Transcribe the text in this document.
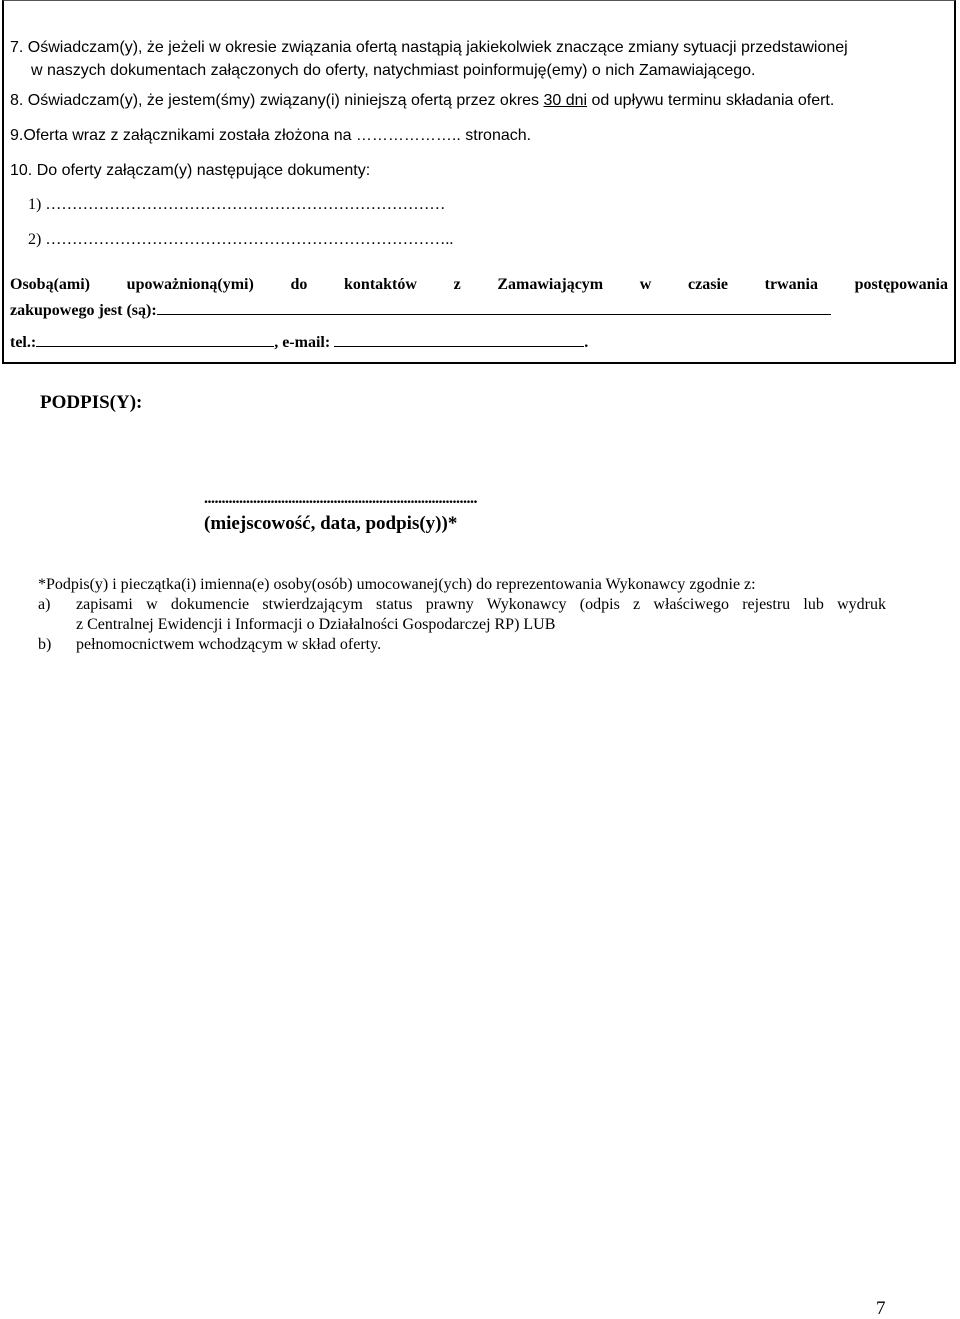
7. Oświadczam(y), że jeżeli w okresie związania ofertą nastąpią jakiekolwiek znaczące zmiany sytuacji przedstawionej
w naszych dokumentach załączonych do oferty, natychmiast poinformuję(emy) o nich Zamawiającego.
8. Oświadczam(y), że jestem(śmy) związany(i) niniejszą ofertą przez okres 30 dni od upływu terminu składania ofert.
9.Oferta wraz z załącznikami została złożona na ……………….. stronach.
10. Do oferty załączam(y) następujące dokumenty:
1) …………………………………………………………………
2) …………………………………………………………………..
Osobą(ami) upoważnioną(ymi) do kontaktów z Zamawiającym w czasie trwania postępowania
zakupowego jest (są):
tel.:	, e-mail:	.
PODPIS(Y):
..............................................................................
(miejscowość, data, podpis(y))*
*Podpis(y) i pieczątka(i) imienna(e) osoby(osób) umocowanej(ych) do reprezentowania Wykonawcy zgodnie z:
a) zapisami w dokumencie stwierdzającym status prawny Wykonawcy (odpis z właściwego rejestru lub wydruk
z Centralnej Ewidencji i Informacji o Działalności Gospodarczej RP) LUB
b) pełnomocnictwem wchodzącym w skład oferty.
7
